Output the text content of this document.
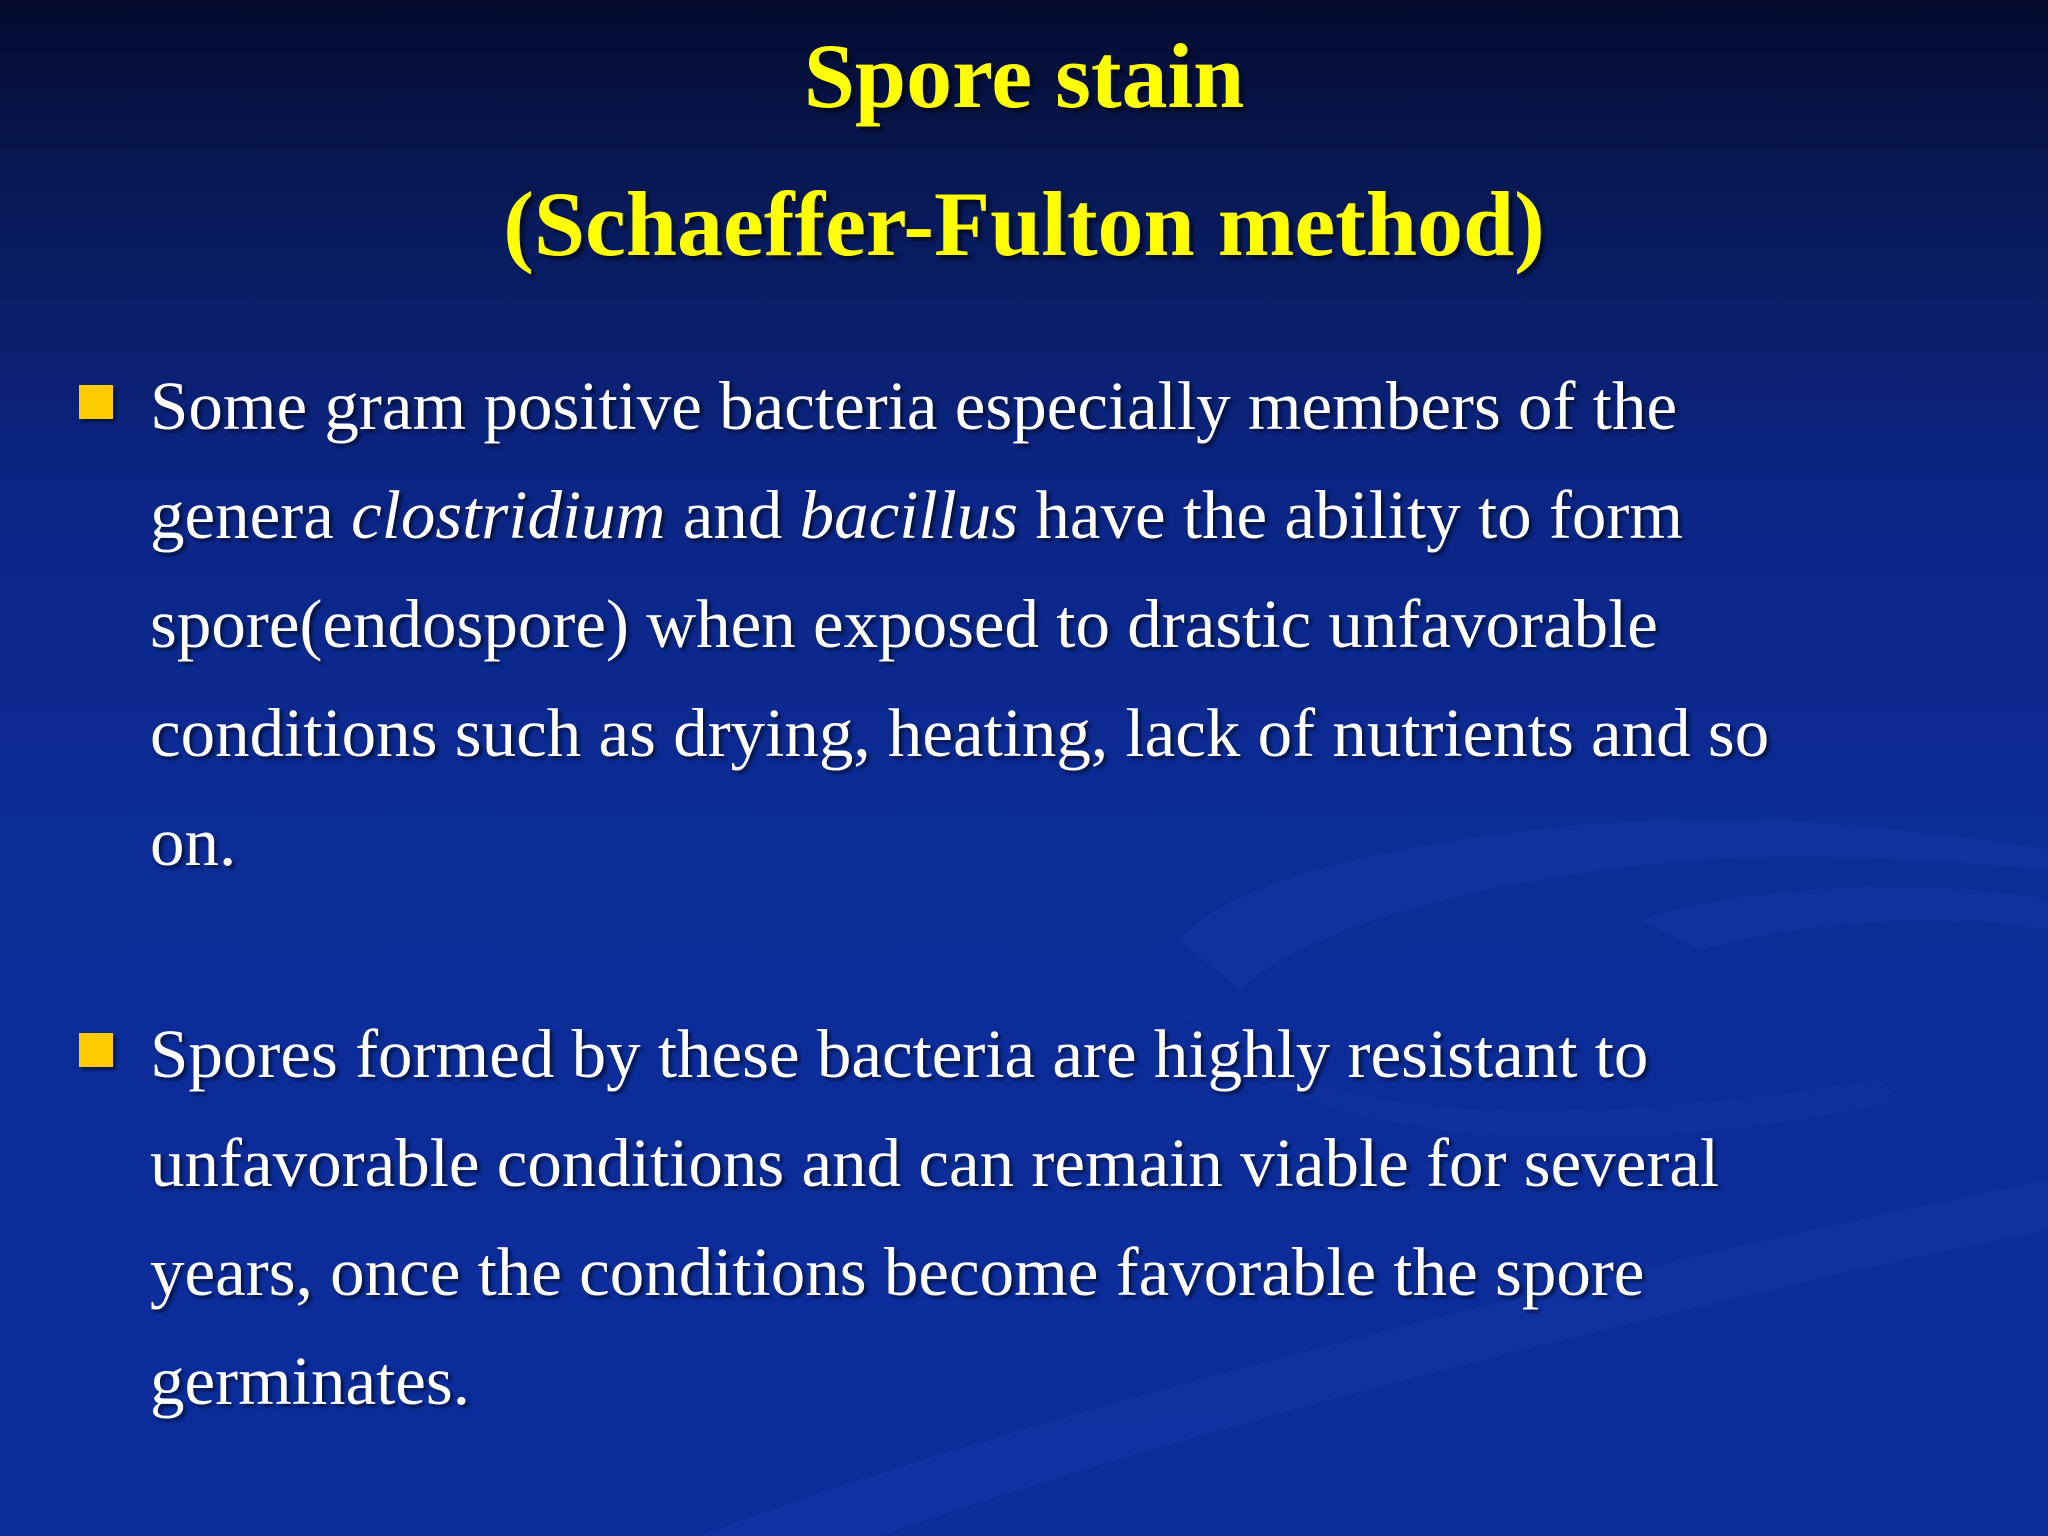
Spore stain
(Schaeffer-Fulton method)
Some gram positive bacteria especially members of the
genera clostridium and bacillus have the ability to form
spore(endospore) when exposed to drastic unfavorable
conditions such as drying, heating, lack of nutrients and so
on.
Spores formed by these bacteria are highly resistant to
unfavorable conditions and can remain viable for several
years, once the conditions become favorable the spore
germinates.
